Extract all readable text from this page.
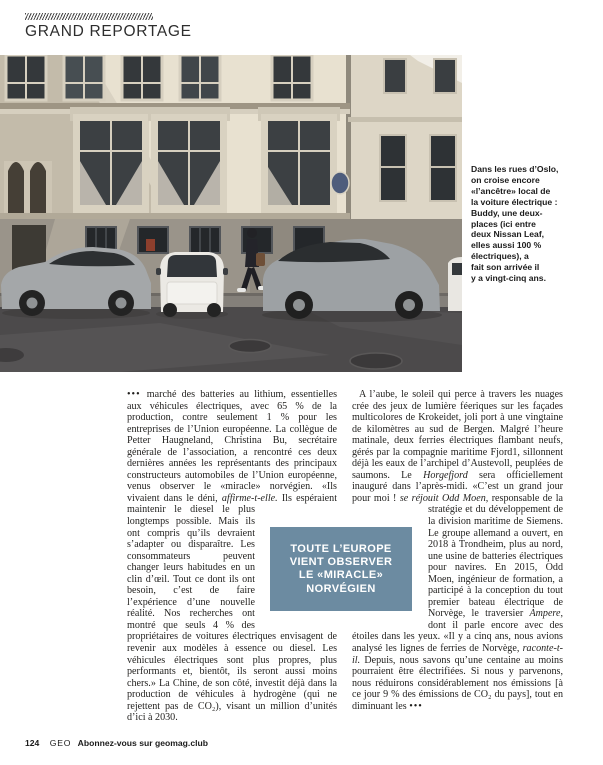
GRAND REPORTAGE
Dans les rues d’Oslo,
on croise encore
«l’ancêtre» local de
la voiture électrique :
Buddy, une deux-
places (ici entre
deux Nissan Leaf,
elles aussi 100 %
électriques), a
fait son arrivée il
y a vingt-cinq ans.
••• marché des batteries au lithium, essentielles aux véhicules électriques, avec 65 % de la production, contre seulement 1 % pour les entreprises de l’Union européenne. La collègue de Petter Haugneland, Christina Bu, secrétaire générale de l’association, a rencontré ces deux dernières années les représentants des principaux constructeurs automobiles de l’Union européenne, venus observer le «miracle» norvégien. «Ils vivaient dans le déni, affirme-t-elle. Ils espéraient maintenir le
diesel le plus longtemps possible. Mais ils ont compris qu’ils devraient s’adapter ou disparaître. Les consommateurs peuvent changer leurs habitudes en un clin d’œil. Tout ce dont ils ont besoin, c’est de faire l’expérience d’une nouvelle réalité. Nos recherches ont montré que seuls 4 % des propriétaires de voitures électriques envisagent de revenir aux modèles à essence ou diesel. Les véhicules électriques sont plus propres, plus performants et, bientôt, ils seront aussi moins chers.» La Chine, de son côté, investit déjà dans la production de véhicules à hydrogène (qui ne rejettent pas de CO₂), visant un million d’unités d’ici à 2030.
A l’aube, le soleil qui perce à travers les nuages crée des jeux de lumière féeriques sur les façades multicolores de Krokeidet, joli port à une vingtaine de kilomètres au sud de Bergen. Malgré l’heure matinale, deux ferries électriques flambant neufs, gérés par la compagnie maritime Fjord1, sillonnent déjà les eaux de l’archipel d’Austevoll, peuplées de saumons. Le Horgefjord sera officiellement inauguré dans l’après-midi. «C’est un grand jour pour moi ! se réjouit Odd Moen, responsable de la
stratégie et du développement de la division maritime de Siemens. Le groupe allemand a ouvert, en 2018 à Trondheim, plus au nord, une usine de batteries électriques pour navires. En 2015, Odd Moen, ingénieur de formation, a participé à la conception du tout premier bateau électrique de Norvège, le traversier Ampere, dont il parle encore avec des étoiles dans les yeux. «Il y a cinq ans, nous avions analysé les lignes de ferries de Norvège, raconte-t-il. Depuis, nous savons qu’une centaine au moins pourraient être électrifiées. Si nous y parvenons, nous réduirons considérablement nos émissions [à ce jour 9 % des émissions de CO₂ du pays], tout en diminuant les •••
TOUTE L’EUROPE
VIENT OBSERVER
LE «MIRACLE»
NORVÉGIEN
124 GEO Abonnez-vous sur geomag.club
